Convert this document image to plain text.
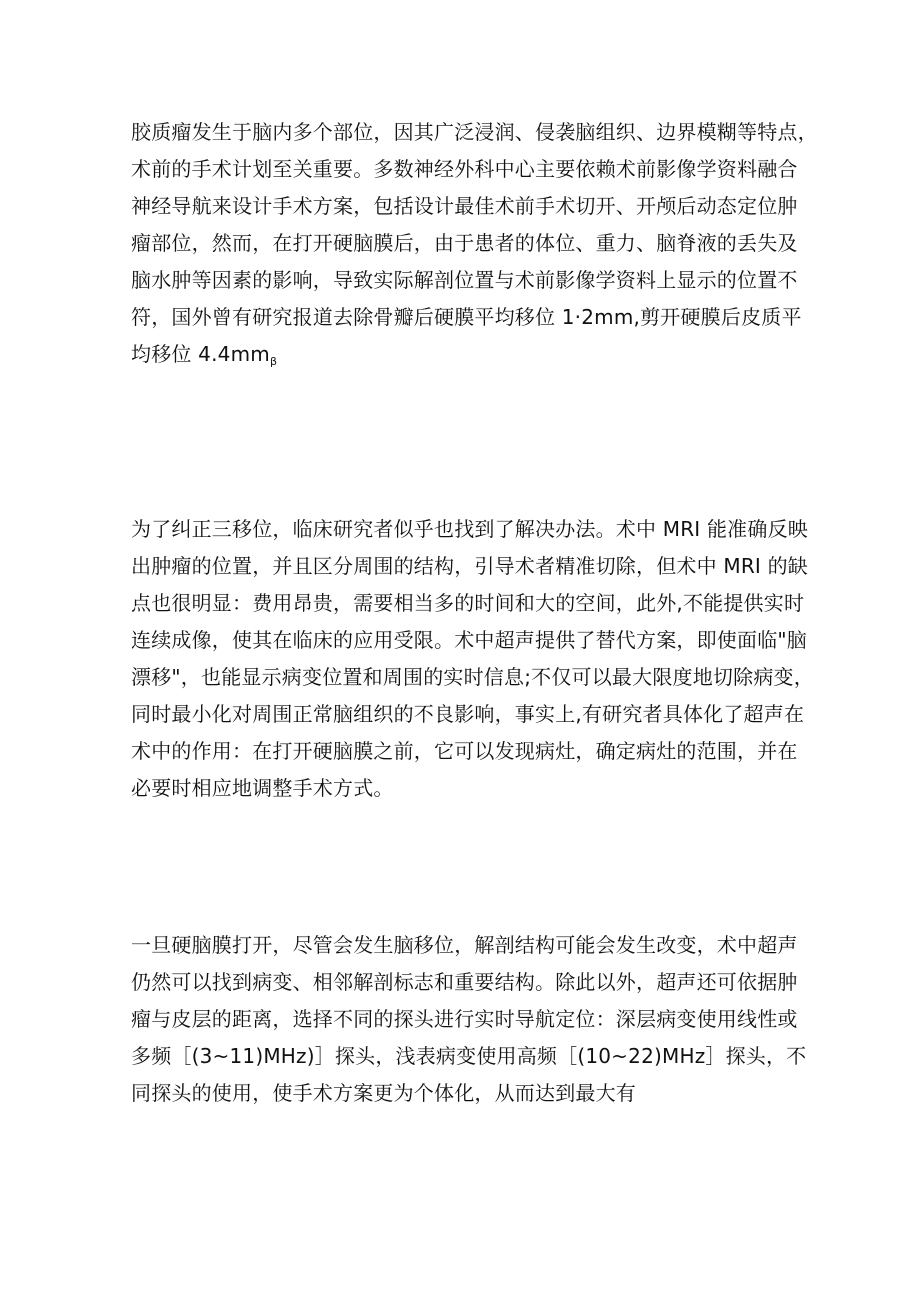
胶质瘤发生于脑内多个部位，因其广泛浸润、侵袭脑组织、边界模糊等特点，
术前的手术计划至关重要。多数神经外科中心主要依赖术前影像学资料融合
神经导航来设计手术方案，包括设计最佳术前手术切开、开颅后动态定位肿
瘤部位，然而，在打开硬脑膜后，由于患者的体位、重力、脑脊液的丢失及
脑水肿等因素的影响，导致实际解剖位置与术前影像学资料上显示的位置不
符，国外曾有研究报道去除骨瓣后硬膜平均移位 1·2mm,剪开硬膜后皮质平
均移位 $4.4mm_\beta$
为了纠正三移位，临床研究者似乎也找到了解决办法。术中 MRI 能准确反映
出肿瘤的位置，并且区分周围的结构，引导术者精准切除，但术中 MRI 的缺
点也很明显：费用昂贵，需要相当多的时间和大的空间，此外,不能提供实时
连续成像，使其在临床的应用受限。术中超声提供了替代方案，即使面临"脑
漂移"，也能显示病变位置和周围的实时信息;不仅可以最大限度地切除病变，
同时最小化对周围正常脑组织的不良影响，事实上,有研究者具体化了超声在
术中的作用：在打开硬脑膜之前，它可以发现病灶，确定病灶的范围，并在
必要时相应地调整手术方式。
一旦硬脑膜打开，尽管会发生脑移位，解剖结构可能会发生改变，术中超声
仍然可以找到病变、相邻解剖标志和重要结构。除此以外，超声还可依据肿
瘤与皮层的距离，选择不同的探头进行实时导航定位：深层病变使用线性或
多频［(3~11)MHz)］探头，浅表病变使用高频［(10~22)MHz］探头，不
同探头的使用，使手术方案更为个体化，从而达到最大有
